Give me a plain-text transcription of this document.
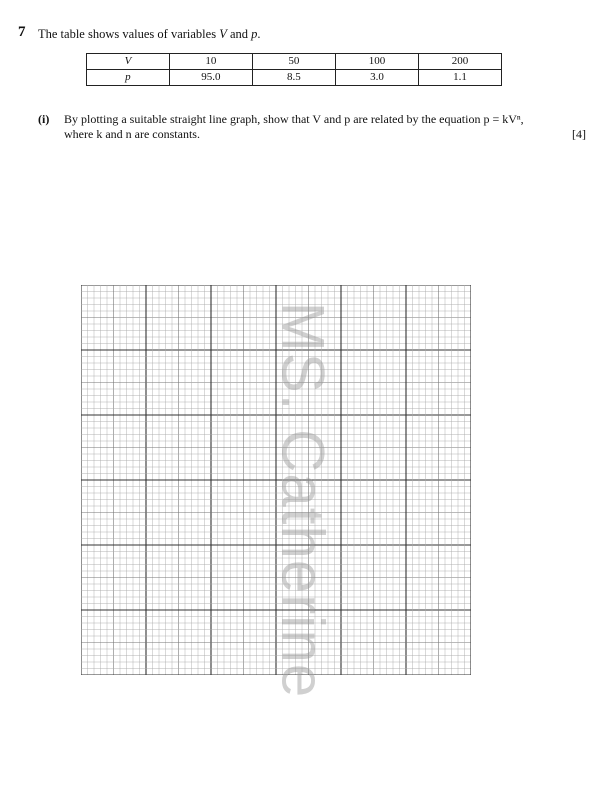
7 The table shows values of variables V and p.
V	10	50	100	200
p	95.0	8.5	3.0	1.1
(i) By plotting a suitable straight line graph, show that V and p are related by the equation p = kVⁿ,
where k and n are constants.	[4]
MS. Catherine
